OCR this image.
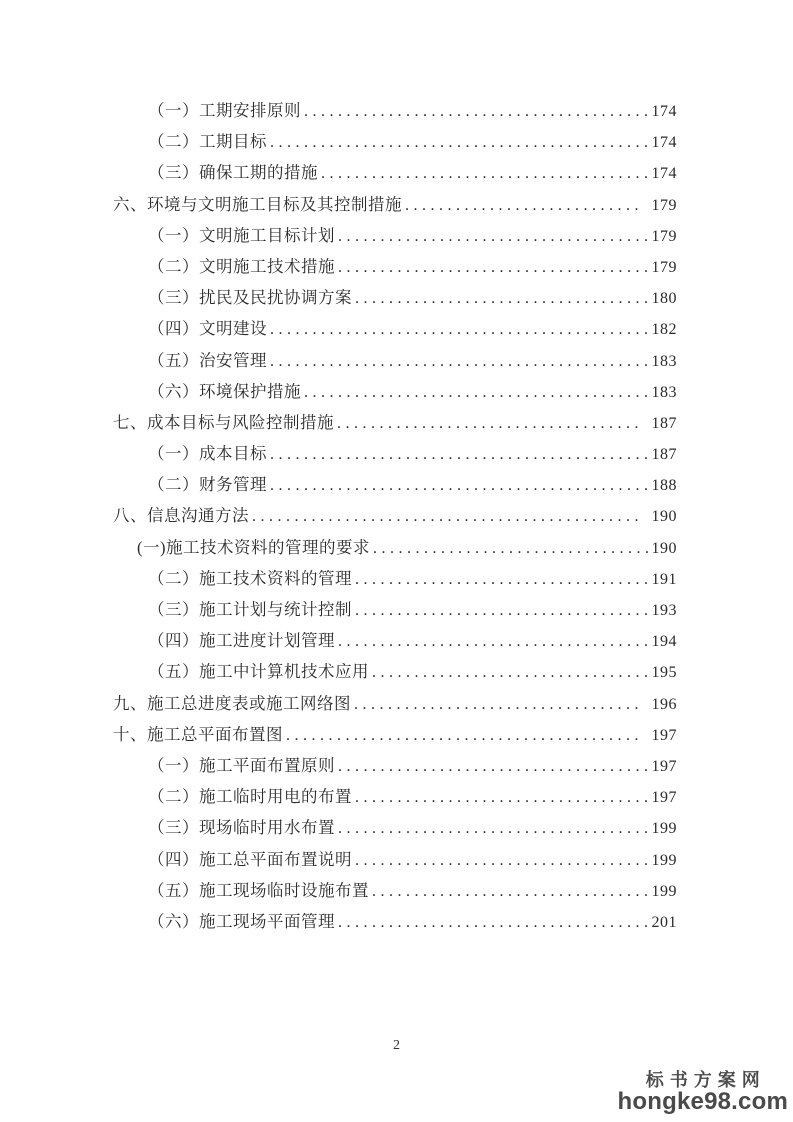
（一）工期安排原则 .....	174
（二）工期目标 .....	174
（三）确保工期的措施 .....	174
六、环境与文明施工目标及其控制措施 .....	179
（一）文明施工目标计划 .....	179
（二）文明施工技术措施 .....	179
（三）扰民及民扰协调方案 .....	180
（四）文明建设 .....	182
（五）治安管理 .....	183
（六）环境保护措施 .....	183
七、成本目标与风险控制措施 .....	187
（一）成本目标 .....	187
（二）财务管理 .....	188
八、信息沟通方法 .....	190
(一)施工技术资料的管理的要求 .....	190
（二）施工技术资料的管理 .....	191
（三）施工计划与统计控制 .....	193
（四）施工进度计划管理 .....	194
（五）施工中计算机技术应用 .....	195
九、施工总进度表或施工网络图 .....	196
十、施工总平面布置图 .....	197
（一）施工平面布置原则 .....	197
（二）施工临时用电的布置 .....	197
（三）现场临时用水布置 .....	199
（四）施工总平面布置说明 .....	199
（五）施工现场临时设施布置 .....	199
（六）施工现场平面管理 .....	201
2
标书方案网
hongke98.com
